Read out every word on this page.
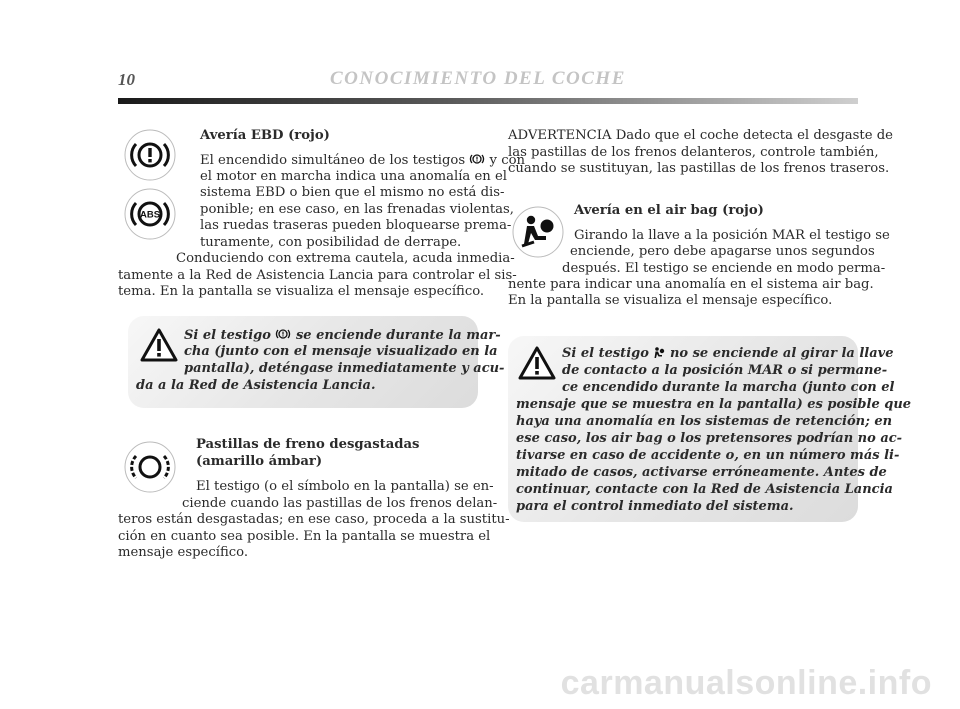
10	CONOCIMIENTO DEL COCHE
ABS

Avería EBD (rojo)

El encendido simultáneo de los testigos y con

el motor en marcha indica una anomalía en el

sistema EBD o bien que el mismo no está dis-

ponible; en ese caso, en las frenadas violentas,

las ruedas traseras pueden bloquearse prema-

turamente, con posibilidad de derrape.

Conduciendo con extrema cautela, acuda inmedia-

tamente a la Red de Asistencia Lancia para controlar el sis-

tema. En la pantalla se visualiza el mensaje específico.

Si el testigo se enciende durante la mar-

cha (junto con el mensaje visualizado en la

pantalla), deténgase inmediatamente y acu-

da a la Red de Asistencia Lancia.

Pastillas de freno desgastadas

(amarillo ámbar)

El testigo (o el símbolo en la pantalla) se en-

ciende cuando las pastillas de los frenos delan-

teros están desgastadas; en ese caso, proceda a la sustitu-

ción en cuanto sea posible. En la pantalla se muestra el

mensaje específico.

ADVERTENCIA Dado que el coche detecta el desgaste de

las pastillas de los frenos delanteros, controle también,

cuando se sustituyan, las pastillas de los frenos traseros.

Avería en el air bag (rojo)

Girando la llave a la posición MAR el testigo se

enciende, pero debe apagarse unos segundos

después. El testigo se enciende en modo perma-

nente para indicar una anomalía en el sistema air bag.

En la pantalla se visualiza el mensaje específico.

Si el testigo no se enciende al girar la llave

de contacto a la posición MAR o si permane-

ce encendido durante la marcha (junto con el

mensaje que se muestra en la pantalla) es posible que

haya una anomalía en los sistemas de retención; en

ese caso, los air bag o los pretensores podrían no ac-

tivarse en caso de accidente o, en un número más li-

mitado de casos, activarse erróneamente. Antes de

continuar, contacte con la Red de Asistencia Lancia

para el control inmediato del sistema.

carmanualsonline.info
